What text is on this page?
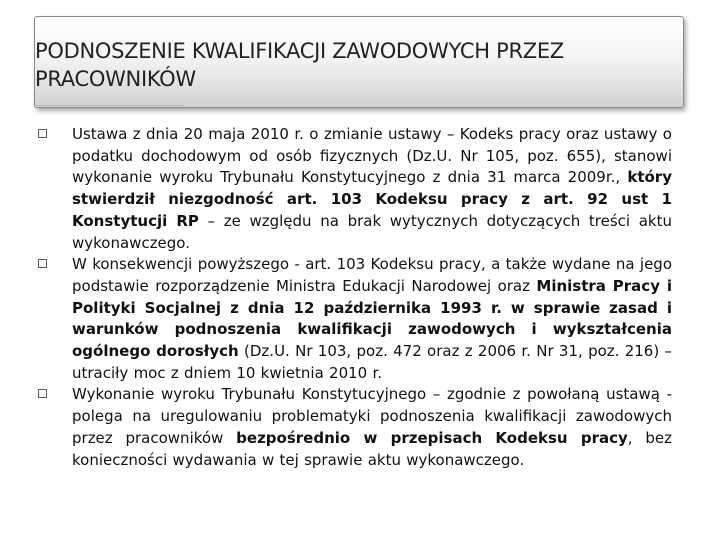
PODNOSZENIE KWALIFIKACJI ZAWODOWYCH PRZEZ PRACOWNIKÓW

Ustawa z dnia 20 maja 2010 r. o zmianie ustawy – Kodeks pracy oraz ustawy o podatku dochodowym od osób fizycznych (Dz.U. Nr 105, poz. 655), stanowi wykonanie wyroku Trybunału Konstytucyjnego z dnia 31 marca 2009r., który stwierdził niezgodność art. 103 Kodeksu pracy z art. 92 ust 1 Konstytucji RP – ze względu na brak wytycznych dotyczących treści aktu wykonawczego.

W konsekwencji powyższego - art. 103 Kodeksu pracy, a także wydane na jego podstawie rozporządzenie Ministra Edukacji Narodowej oraz Ministra Pracy i Polityki Socjalnej z dnia 12 października 1993 r. w sprawie zasad i warunków podnoszenia kwalifikacji zawodowych i wykształcenia ogólnego dorosłych (Dz.U. Nr 103, poz. 472 oraz z 2006 r. Nr 31, poz. 216) – utraciły moc z dniem 10 kwietnia 2010 r.

Wykonanie wyroku Trybunału Konstytucyjnego – zgodnie z powołaną ustawą - polega na uregulowaniu problematyki podnoszenia kwalifikacji zawodowych przez pracowników bezpośrednio w przepisach Kodeksu pracy, bez konieczności wydawania w tej sprawie aktu wykonawczego.
